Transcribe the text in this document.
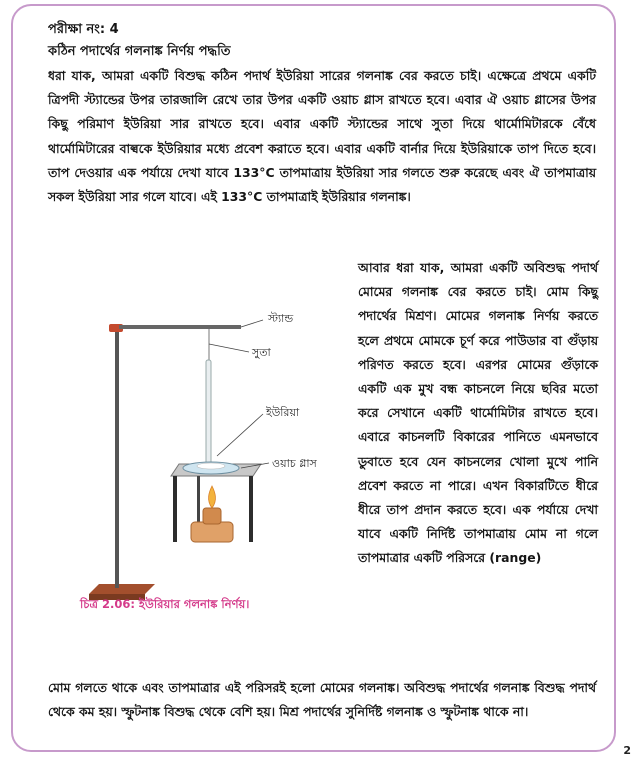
পরীক্ষা নং: 4
কঠিন পদার্থের গলনাঙ্ক নির্ণয় পদ্ধতি

ধরা যাক, আমরা একটি বিশুদ্ধ কঠিন পদার্থ ইউরিয়া সারের গলনাঙ্ক বের করতে চাই। এক্ষেত্রে প্রথমে একটি ত্রিপদী স্ট্যান্ডের উপর তারজালি রেখে তার উপর একটি ওয়াচ গ্লাস রাখতে হবে। এবার ঐ ওয়াচ গ্লাসের উপর কিছু পরিমাণ ইউরিয়া সার রাখতে হবে। এবার একটি স্ট্যান্ডের সাথে সুতা দিয়ে থার্মোমিটারকে বেঁধে থার্মোমিটারের বাল্বকে ইউরিয়ার মধ্যে প্রবেশ করাতে হবে। এবার একটি বার্নার দিয়ে ইউরিয়াকে তাপ দিতে হবে। তাপ দেওয়ার এক পর্যায়ে দেখা যাবে 133°C তাপমাত্রায় ইউরিয়া সার গলতে শুরু করেছে এবং ঐ তাপমাত্রায় সকল ইউরিয়া সার গলে যাবে। এই 133°C তাপমাত্রাই ইউরিয়ার গলনাঙ্ক।

স্ট্যান্ড
সুতা
ইউরিয়া
ওয়াচ গ্লাস
চিত্র 2.06: ইউরিয়ার গলনাঙ্ক নির্ণয়।

আবার ধরা যাক, আমরা একটি অবিশুদ্ধ পদার্থ মোমের গলনাঙ্ক বের করতে চাই। মোম কিছু পদার্থের মিশ্রণ। মোমের গলনাঙ্ক নির্ণয় করতে হলে প্রথমে মোমকে চূর্ণ করে পাউডার বা গুঁড়ায় পরিণত করতে হবে। এরপর মোমের গুঁড়াকে একটি এক মুখ বন্ধ কাচনলে নিয়ে ছবির মতো করে সেখানে একটি থার্মোমিটার রাখতে হবে। এবারে কাচনলটি বিকারের পানিতে এমনভাবে ডুবাতে হবে যেন কাচনলের খোলা মুখে পানি প্রবেশ করতে না পারে। এখন বিকারটিতে ধীরে ধীরে তাপ প্রদান করতে হবে। এক পর্যায়ে দেখা যাবে একটি নির্দিষ্ট তাপমাত্রায় মোম না গলে তাপমাত্রার একটি পরিসরে (range)

মোম গলতে থাকে এবং তাপমাত্রার এই পরিসরই হলো মোমের গলনাঙ্ক। অবিশুদ্ধ পদার্থের গলনাঙ্ক বিশুদ্ধ পদার্থ থেকে কম হয়। স্ফুটনাঙ্ক বিশুদ্ধ থেকে বেশি হয়। মিশ্র পদার্থের সুনির্দিষ্ট গলনাঙ্ক ও স্ফুটনাঙ্ক থাকে না।

2
